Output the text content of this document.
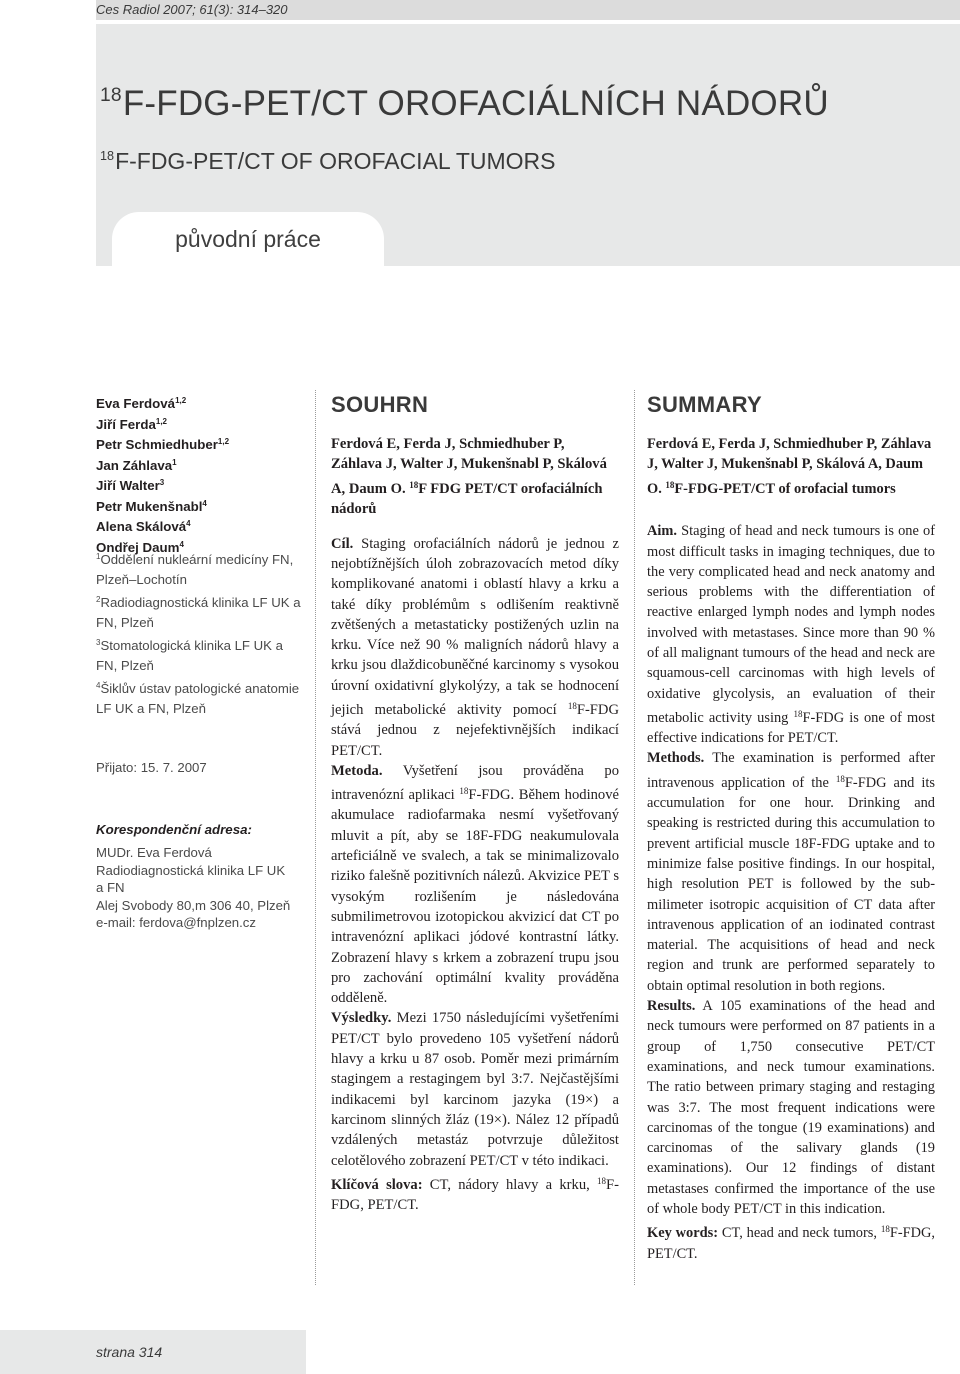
Ces Radiol 2007; 61(3): 314–320
$^{18}$F-FDG-PET/CT OROFACIÁLNÍCH NÁDORŮ
$^{18}$F-FDG-PET/CT OF OROFACIAL TUMORS
původní práce
Eva Ferdová$^{1,2}$
Jiří Ferda$^{1,2}$
Petr Schmiedhuber$^{1,2}$
Jan Záhlava$^1$
Jiří Walter$^3$
Petr Mukenšnabl$^4$
Alena Skálová$^4$
Ondřej Daum$^4$
$^1$Oddělení nukleární medicíny FN, Plzeň–Lochotín
$^2$Radiodiagnostická klinika LF UK a FN, Plzeň
$^3$Stomatologická klinika LF UK a FN, Plzeň
$^4$Šiklův ústav patologické anatomie LF UK a FN, Plzeň
Přijato: 15. 7. 2007
Korespondenční adresa:
MUDr. Eva Ferdová
Radiodiagnostická klinika LF UK
a FN
Alej Svobody 80,m 306 40, Plzeň
e-mail: ferdova@fnplzen.cz
SOUHRN
Ferdová E, Ferda J, Schmiedhuber P, Záhlava J, Walter J, Mukenšnabl P, Skálová A, Daum O. $^{18}$F FDG PET/CT orofaciálních nádorů

Cíl. Staging orofaciálních nádorů je jednou z nejobtížnějších úloh zobrazovacích metod díky komplikované anatomi i oblastí hlavy a krku a také díky problémům s odlišením reaktivně zvětšených a metastaticky postižených uzlin na krku. Více než 90 % maligních nádorů hlavy a krku jsou dlaždicobuněčné karcinomy s vysokou úrovní oxidativní glykolýzy, a tak se hodnocení jejich metabolické aktivity pomocí $^{18}$F-FDG stává jednou z nejefektivnějších indikací PET/CT.

Metoda. Vyšetření jsou prováděna po intravenózní aplikaci $^{18}$F-FDG. Během hodinové akumulace radiofarmaka nesmí vyšetřovaný mluvit a pít, aby se 18F-FDG neakumulovala arteficiálně ve svalech, a tak se minimalizovalo riziko falešně pozitivních nálezů. Akvizice PET s vysokým rozlišením je následována submilimetrovou izotopickou akvizicí dat CT po intravenózní aplikaci jódové kontrastní látky. Zobrazení hlavy s krkem a zobrazení trupu jsou pro zachování optimální kvality prováděna odděleně.

Výsledky. Mezi 1750 následujícími vyšetřeními PET/CT bylo provedeno 105 vyšetření nádorů hlavy a krku u 87 osob. Poměr mezi primárním stagingem a restagingem byl 3:7. Nejčastějšími indikacemi byl karcinom jazyka (19×) a karcinom slinných žláz (19×). Nález 12 případů vzdálených metastáz potvrzuje důležitost celotělového zobrazení PET/CT v této indikaci.

Klíčová slova: CT, nádory hlavy a krku, $^{18}$F-FDG, PET/CT.

SUMMARY
Ferdová E, Ferda J, Schmiedhuber P, Záhlava J, Walter J, Mukenšnabl P, Skálová A, Daum O. $^{18}$F-FDG-PET/CT of orofacial tumors

Aim. Staging of head and neck tumours is one of most difficult tasks in imaging techniques, due to the very complicated head and neck anatomy and serious problems with the differentiation of reactive enlarged lymph nodes and lymph nodes involved with metastases. Since more than 90 % of all malignant tumours of the head and neck are squamous-cell carcinomas with high levels of oxidative glycolysis, an evaluation of their metabolic activity using $^{18}$F-FDG is one of most effective indications for PET/CT.

Methods. The examination is performed after intravenous application of the $^{18}$F-FDG and its accumulation for one hour. Drinking and speaking is restricted during this accumulation to prevent artificial muscle 18F-FDG uptake and to minimize false positive findings. In our hospital, high resolution PET is followed by the sub-milimeter isotropic acquisition of CT data after intravenous application of an iodinated contrast material. The acquisitions of head and neck region and trunk are performed separately to obtain optimal resolution in both regions.

Results. A 105 examinations of the head and neck tumours were performed on 87 patients in a group of 1,750 consecutive PET/CT examinations, and neck tumour examinations. The ratio between primary staging and restaging was 3:7. The most frequent indications were carcinomas of the tongue (19 examinations) and carcinomas of the salivary glands (19 examinations). Our 12 findings of distant metastases confirmed the importance of the use of whole body PET/CT in this indication.

Key words: CT, head and neck tumors, $^{18}$F-FDG, PET/CT.

strana 314
